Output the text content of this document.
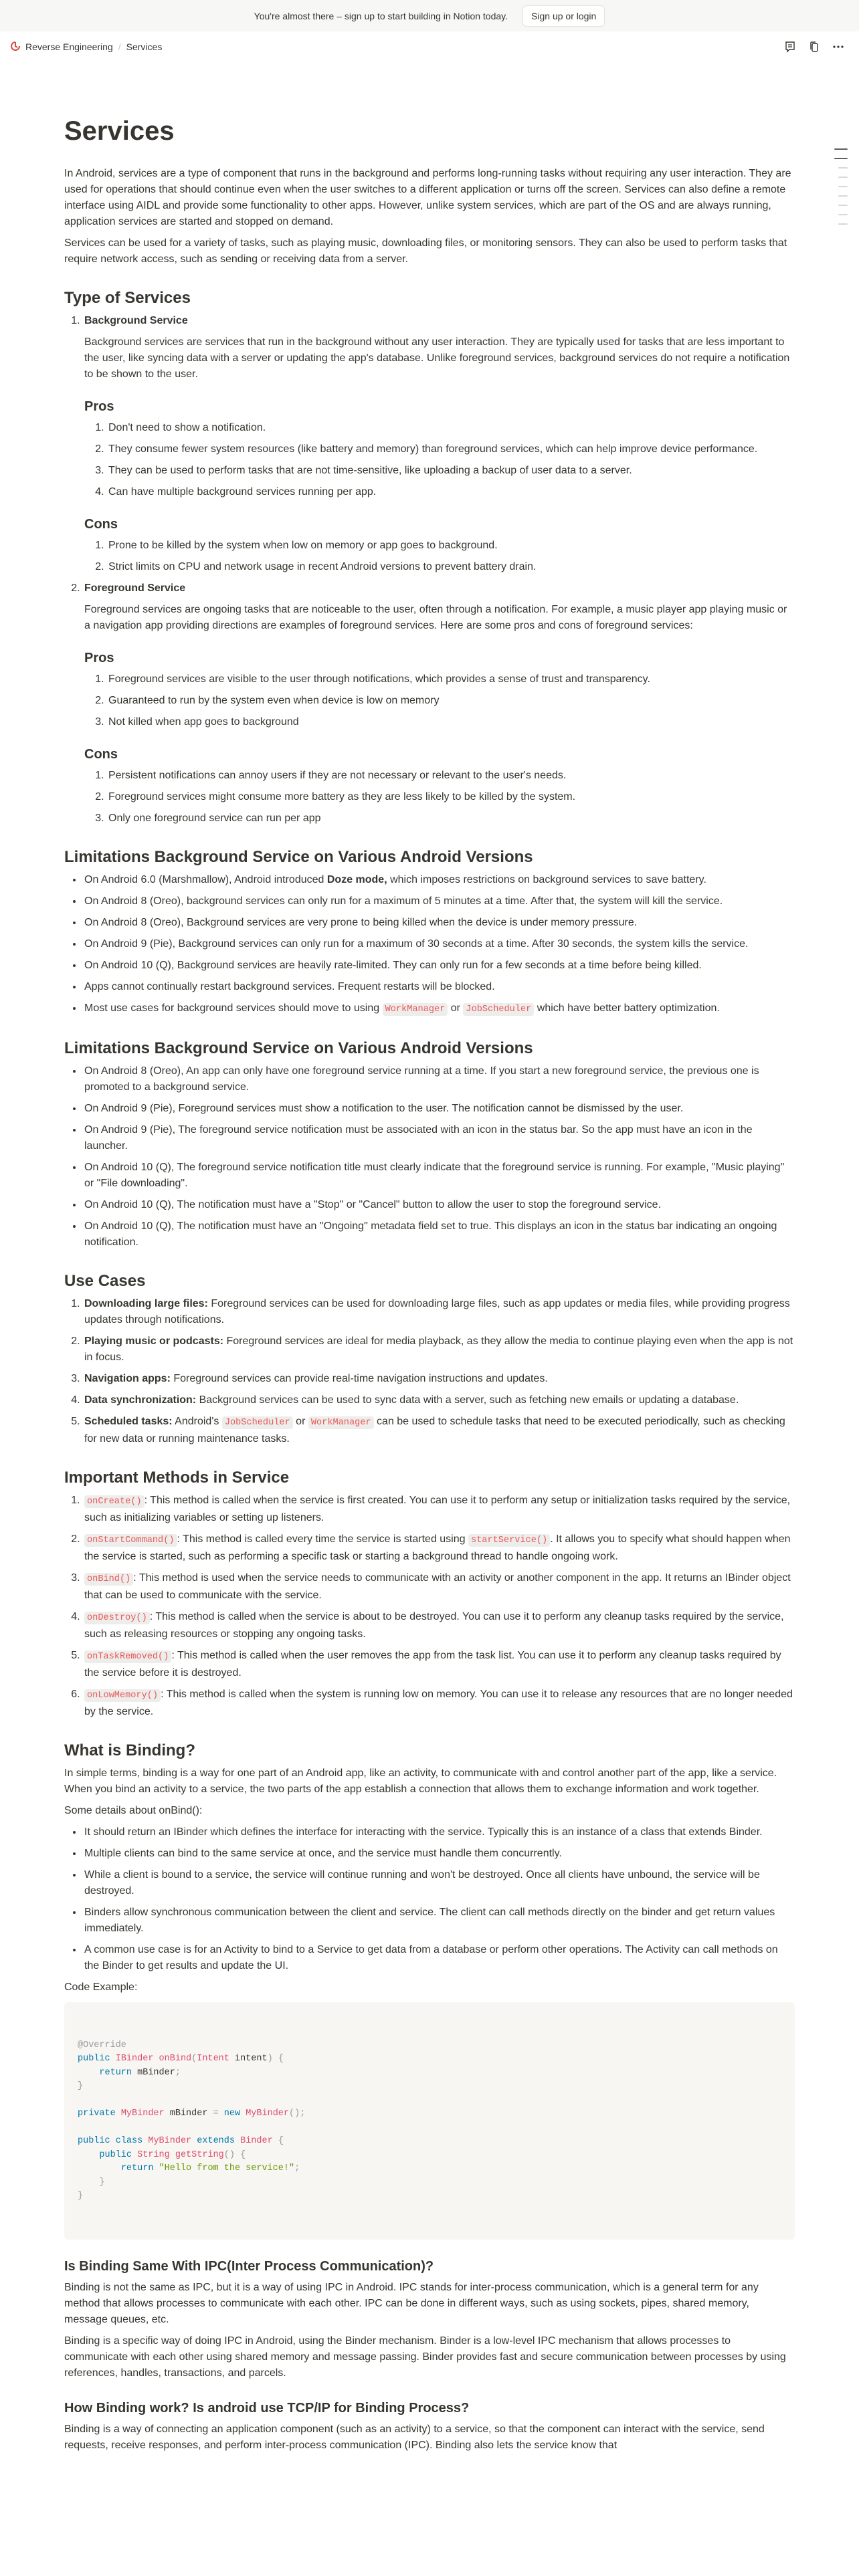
You're almost there – sign up to start building in Notion today.	Sign up or login
Reverse Engineering / Services
Services

In Android, services are a type of component that runs in the background and performs long-running tasks without requiring any user interaction. They are used for operations that should continue even when the user switches to a different application or turns off the screen. Services can also define a remote interface using AIDL and provide some functionality to other apps. However, unlike system services, which are part of the OS and are always running, application services are started and stopped on demand.

Services can be used for a variety of tasks, such as playing music, downloading files, or monitoring sensors. They can also be used to perform tasks that require network access, such as sending or receiving data from a server.

Type of Services
1. Background Service

Background services are services that run in the background without any user interaction. They are typically used for tasks that are less important to the user, like syncing data with a server or updating the app's database. Unlike foreground services, background services do not require a notification to be shown to the user.

Pros
1. Don't need to show a notification.
2. They consume fewer system resources (like battery and memory) than foreground services, which can help improve device performance.
3. They can be used to perform tasks that are not time-sensitive, like uploading a backup of user data to a server.
4. Can have multiple background services running per app.
Cons
1. Prone to be killed by the system when low on memory or app goes to background.
2. Strict limits on CPU and network usage in recent Android versions to prevent battery drain.
2. Foreground Service

Foreground services are ongoing tasks that are noticeable to the user, often through a notification. For example, a music player app playing music or a navigation app providing directions are examples of foreground services. Here are some pros and cons of foreground services:

Pros
1. Foreground services are visible to the user through notifications, which provides a sense of trust and transparency.
2. Guaranteed to run by the system even when device is low on memory
3. Not killed when app goes to background
Cons
1. Persistent notifications can annoy users if they are not necessary or relevant to the user's needs.
2. Foreground services might consume more battery as they are less likely to be killed by the system.
3. Only one foreground service can run per app
Limitations Background Service on Various Android Versions
• On Android 6.0 (Marshmallow), Android introduced Doze mode, which imposes restrictions on background services to save battery.
• On Android 8 (Oreo), background services can only run for a maximum of 5 minutes at a time. After that, the system will kill the service.
• On Android 8 (Oreo), Background services are very prone to being killed when the device is under memory pressure.
• On Android 9 (Pie), Background services can only run for a maximum of 30 seconds at a time. After 30 seconds, the system kills the service.
• On Android 10 (Q), Background services are heavily rate-limited. They can only run for a few seconds at a time before being killed.
• Apps cannot continually restart background services. Frequent restarts will be blocked.
• Most use cases for background services should move to using WorkManager or JobScheduler which have better battery optimization.
Limitations Background Service on Various Android Versions
• On Android 8 (Oreo), An app can only have one foreground service running at a time. If you start a new foreground service, the previous one is promoted to a background service.
• On Android 9 (Pie), Foreground services must show a notification to the user. The notification cannot be dismissed by the user.
• On Android 9 (Pie), The foreground service notification must be associated with an icon in the status bar. So the app must have an icon in the launcher.
• On Android 10 (Q), The foreground service notification title must clearly indicate that the foreground service is running. For example, "Music playing" or "File downloading".
• On Android 10 (Q), The notification must have a "Stop" or "Cancel" button to allow the user to stop the foreground service.
• On Android 10 (Q), The notification must have an "Ongoing" metadata field set to true. This displays an icon in the status bar indicating an ongoing notification.
Use Cases
1. Downloading large files: Foreground services can be used for downloading large files, such as app updates or media files, while providing progress updates through notifications.
2. Playing music or podcasts: Foreground services are ideal for media playback, as they allow the media to continue playing even when the app is not in focus.
3. Navigation apps: Foreground services can provide real-time navigation instructions and updates.
4. Data synchronization: Background services can be used to sync data with a server, such as fetching new emails or updating a database.
5. Scheduled tasks: Android's JobScheduler or WorkManager can be used to schedule tasks that need to be executed periodically, such as checking for new data or running maintenance tasks.
Important Methods in Service
1. onCreate() : This method is called when the service is first created. You can use it to perform any setup or initialization tasks required by the service, such as initializing variables or setting up listeners.
2. onStartCommand() : This method is called every time the service is started using startService() . It allows you to specify what should happen when the service is started, such as performing a specific task or starting a background thread to handle ongoing work.
3. onBind() : This method is used when the service needs to communicate with an activity or another component in the app. It returns an IBinder object that can be used to communicate with the service.
4. onDestroy() : This method is called when the service is about to be destroyed. You can use it to perform any cleanup tasks required by the service, such as releasing resources or stopping any ongoing tasks.
5. onTaskRemoved() : This method is called when the user removes the app from the task list. You can use it to perform any cleanup tasks required by the service before it is destroyed.
6. onLowMemory() : This method is called when the system is running low on memory. You can use it to release any resources that are no longer needed by the service.
What is Binding?

In simple terms, binding is a way for one part of an Android app, like an activity, to communicate with and control another part of the app, like a service. When you bind an activity to a service, the two parts of the app establish a connection that allows them to exchange information and work together.

Some details about onBind():

• It should return an IBinder which defines the interface for interacting with the service. Typically this is an instance of a class that extends Binder.
• Multiple clients can bind to the same service at once, and the service must handle them concurrently.
• While a client is bound to a service, the service will continue running and won't be destroyed. Once all clients have unbound, the service will be destroyed.
• Binders allow synchronous communication between the client and service. The client can call methods directly on the binder and get return values immediately.
• A common use case is for an Activity to bind to a Service to get data from a database or perform other operations. The Activity can call methods on the Binder to get results and update the UI.

Code Example:

@Override
public IBinder onBind(Intent intent) {
return mBinder;
}
private MyBinder mBinder = new MyBinder();
public class MyBinder extends Binder {
public String getString() {
return "Hello from the service!";
}
}
Is Binding Same With IPC(Inter Process Communication)?

Binding is not the same as IPC, but it is a way of using IPC in Android. IPC stands for inter-process communication, which is a general term for any method that allows processes to communicate with each other. IPC can be done in different ways, such as using sockets, pipes, shared memory, message queues, etc.

Binding is a specific way of doing IPC in Android, using the Binder mechanism. Binder is a low-level IPC mechanism that allows processes to communicate with each other using shared memory and message passing. Binder provides fast and secure communication between processes by using references, handles, transactions, and parcels.

How Binding work? Is android use TCP/IP for Binding Process?

Binding is a way of connecting an application component (such as an activity) to a service, so that the component can interact with the service, send requests, receive responses, and perform inter-process communication (IPC). Binding also lets the service know that
